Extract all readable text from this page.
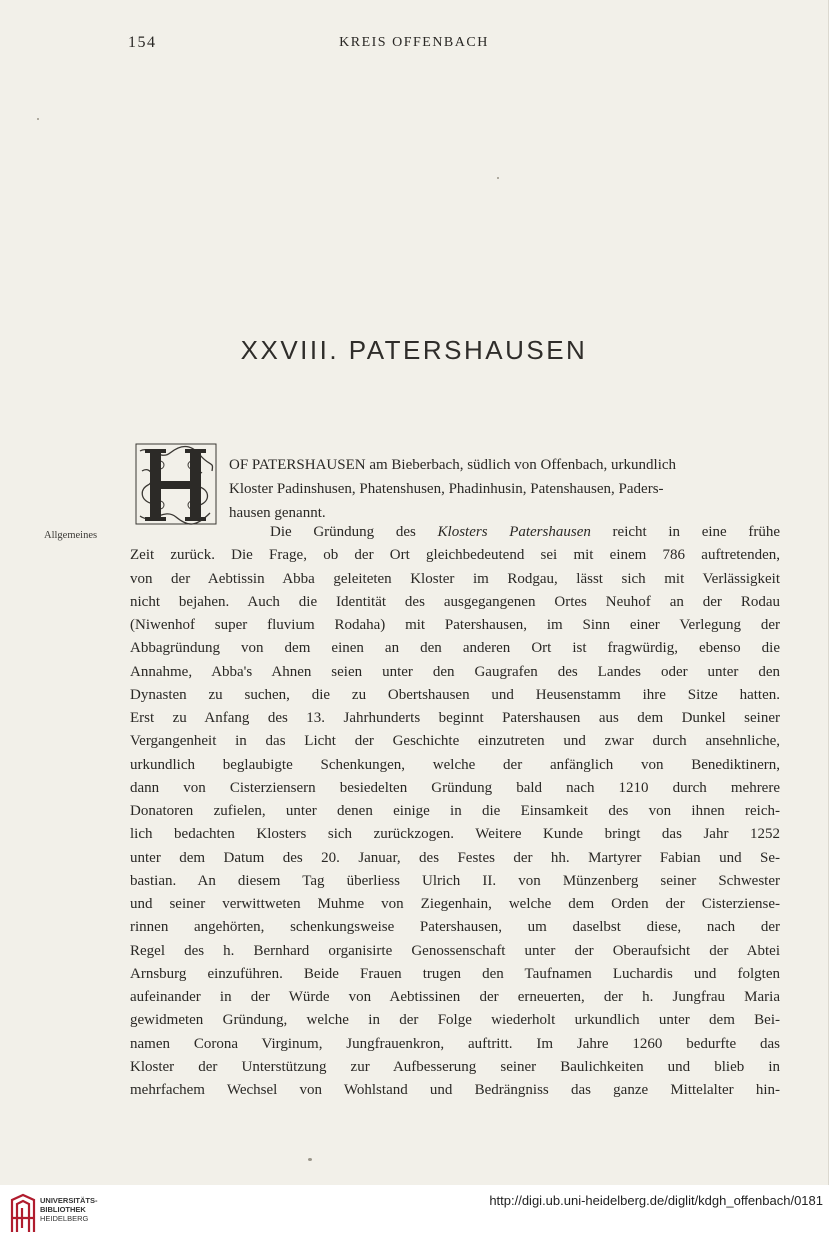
154	KREIS OFFENBACH
XXVIII. PATERSHAUSEN
OF PATERSHAUSEN am Bieberbach, südlich von Offenbach, urkundlich
Kloster Padinshusen, Phatenshusen, Phadinhusin, Patenshausen, Paders-
hausen genannt.
Allgemeines	Die Gründung des Klosters Patershausen reicht in eine frühe
Zeit zurück. Die Frage, ob der Ort gleichbedeutend sei mit einem 786 auftretenden,
von der Aebtissin Abba geleiteten Kloster im Rodgau, lässt sich mit Verlässigkeit
nicht bejahen. Auch die Identität des ausgegangenen Ortes Neuhof an der Rodau
(Niwenhof super fluvium Rodaha) mit Patershausen, im Sinn einer Verlegung der
Abbagründung von dem einen an den anderen Ort ist fragwürdig, ebenso die
Annahme, Abba's Ahnen seien unter den Gaugrafen des Landes oder unter den
Dynasten zu suchen, die zu Obertshausen und Heusenstamm ihre Sitze hatten.
Erst zu Anfang des 13. Jahrhunderts beginnt Patershausen aus dem Dunkel seiner
Vergangenheit in das Licht der Geschichte einzutreten und zwar durch ansehnliche,
urkundlich beglaubigte Schenkungen, welche der anfänglich von Benediktinern,
dann von Cisterziensern besiedelten Gründung bald nach 1210 durch mehrere
Donatoren zufielen, unter denen einige in die Einsamkeit des von ihnen reich-
lich bedachten Klosters sich zurückzogen. Weitere Kunde bringt das Jahr 1252
unter dem Datum des 20. Januar, des Festes der hh. Martyrer Fabian und Se-
bastian. An diesem Tag überliess Ulrich II. von Münzenberg seiner Schwester
und seiner verwittweten Muhme von Ziegenhain, welche dem Orden der Cisterziense-
rinnen angehörten, schenkungsweise Patershausen, um daselbst diese, nach der
Regel des h. Bernhard organisirte Genossenschaft unter der Oberaufsicht der Abtei
Arnsburg einzuführen. Beide Frauen trugen den Taufnamen Luchardis und folgten
aufeinander in der Würde von Aebtissinen der erneuerten, der h. Jungfrau Maria
gewidmeten Gründung, welche in der Folge wiederholt urkundlich unter dem Bei-
namen Corona Virginum, Jungfrauenkron, auftritt. Im Jahre 1260 bedurfte das
Kloster der Unterstützung zur Aufbesserung seiner Baulichkeiten und blieb in
mehrfachem Wechsel von Wohlstand und Bedrängniss das ganze Mittelalter hin-
UNIVERSITÄTS-
BIBLIOTHEK
HEIDELBERG
http://digi.ub.uni-heidelberg.de/diglit/kdgh_offenbach/0181
